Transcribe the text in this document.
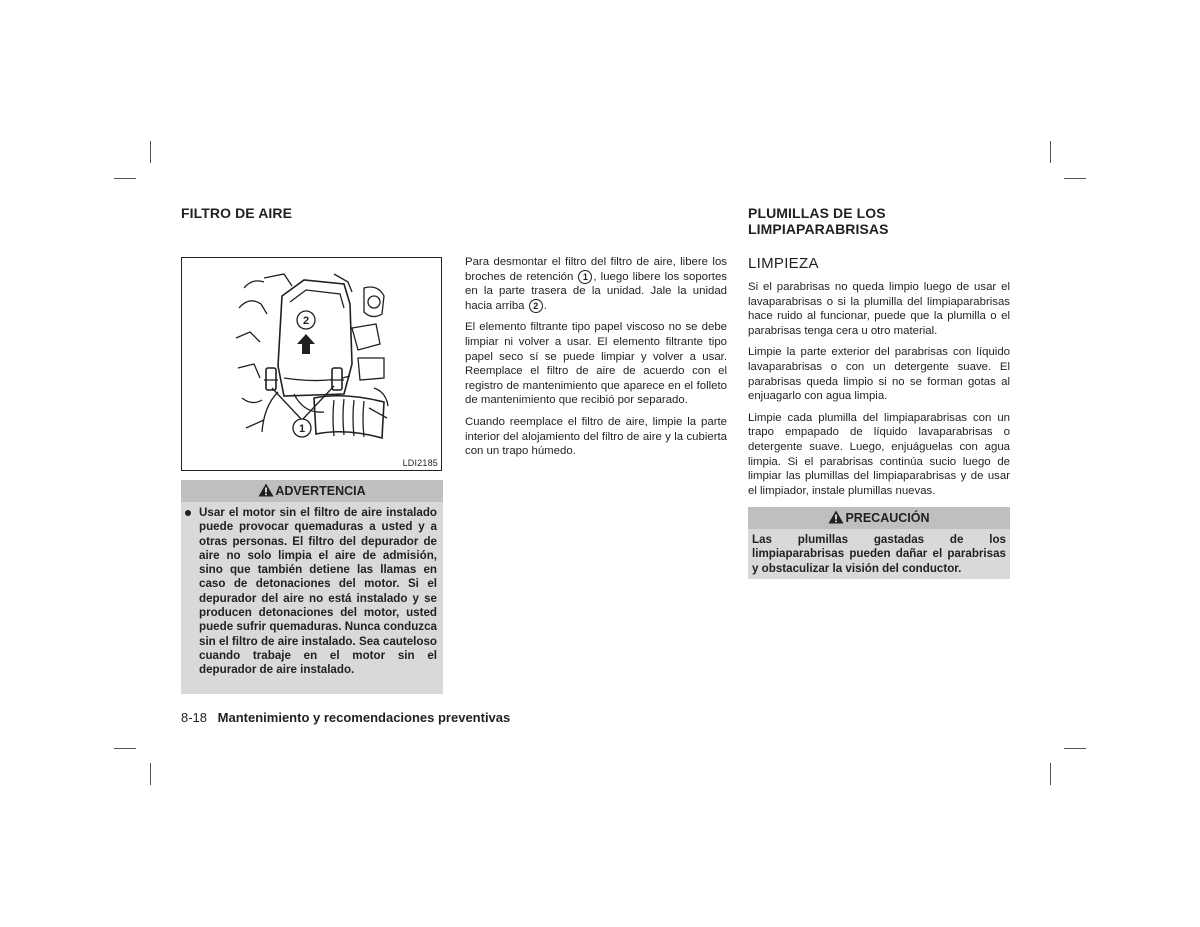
FILTRO DE AIRE
2
1
LDI2185
ADVERTENCIA
Usar el motor sin el filtro de aire instalado puede provocar quemaduras a usted y a otras personas. El filtro del depurador de aire no solo limpia el aire de admisión, sino que también detiene las llamas en caso de detonaciones del motor. Si el depurador del aire no está instalado y se producen detonaciones del motor, usted puede sufrir quemaduras. Nunca conduzca sin el filtro de aire instalado. Sea cauteloso cuando trabaje en el motor sin el depurador de aire instalado.

Para desmontar el filtro del filtro de aire, libere los broches de retención 1 , luego libere los soportes en la parte trasera de la unidad. Jale la unidad hacia arriba 2 .

El elemento filtrante tipo papel viscoso no se debe limpiar ni volver a usar. El elemento filtrante tipo papel seco sí se puede limpiar y volver a usar. Reemplace el filtro de aire de acuerdo con el registro de mantenimiento que aparece en el folleto de mantenimiento que recibió por separado.

Cuando reemplace el filtro de aire, limpie la parte interior del alojamiento del filtro de aire y la cubierta con un trapo húmedo.

PLUMILLAS DE LOS
LIMPIAPARABRISAS
LIMPIEZA

Si el parabrisas no queda limpio luego de usar el lavaparabrisas o si la plumilla del limpiaparabrisas hace ruido al funcionar, puede que la plumilla o el parabrisas tenga cera u otro material.

Limpie la parte exterior del parabrisas con líquido lavaparabrisas o con un detergente suave. El parabrisas queda limpio si no se forman gotas al enjuagarlo con agua limpia.

Limpie cada plumilla del limpiaparabrisas con un trapo empapado de líquido lavaparabrisas o detergente suave. Luego, enjuáguelas con agua limpia. Si el parabrisas continúa sucio luego de limpiar las plumillas del limpiaparabrisas y de usar el limpiador, instale plumillas nuevas.

PRECAUCIÓN
Las plumillas gastadas de los limpiaparabrisas pueden dañar el parabrisas y obstaculizar la visión del conductor.
8-18 Mantenimiento y recomendaciones preventivas
